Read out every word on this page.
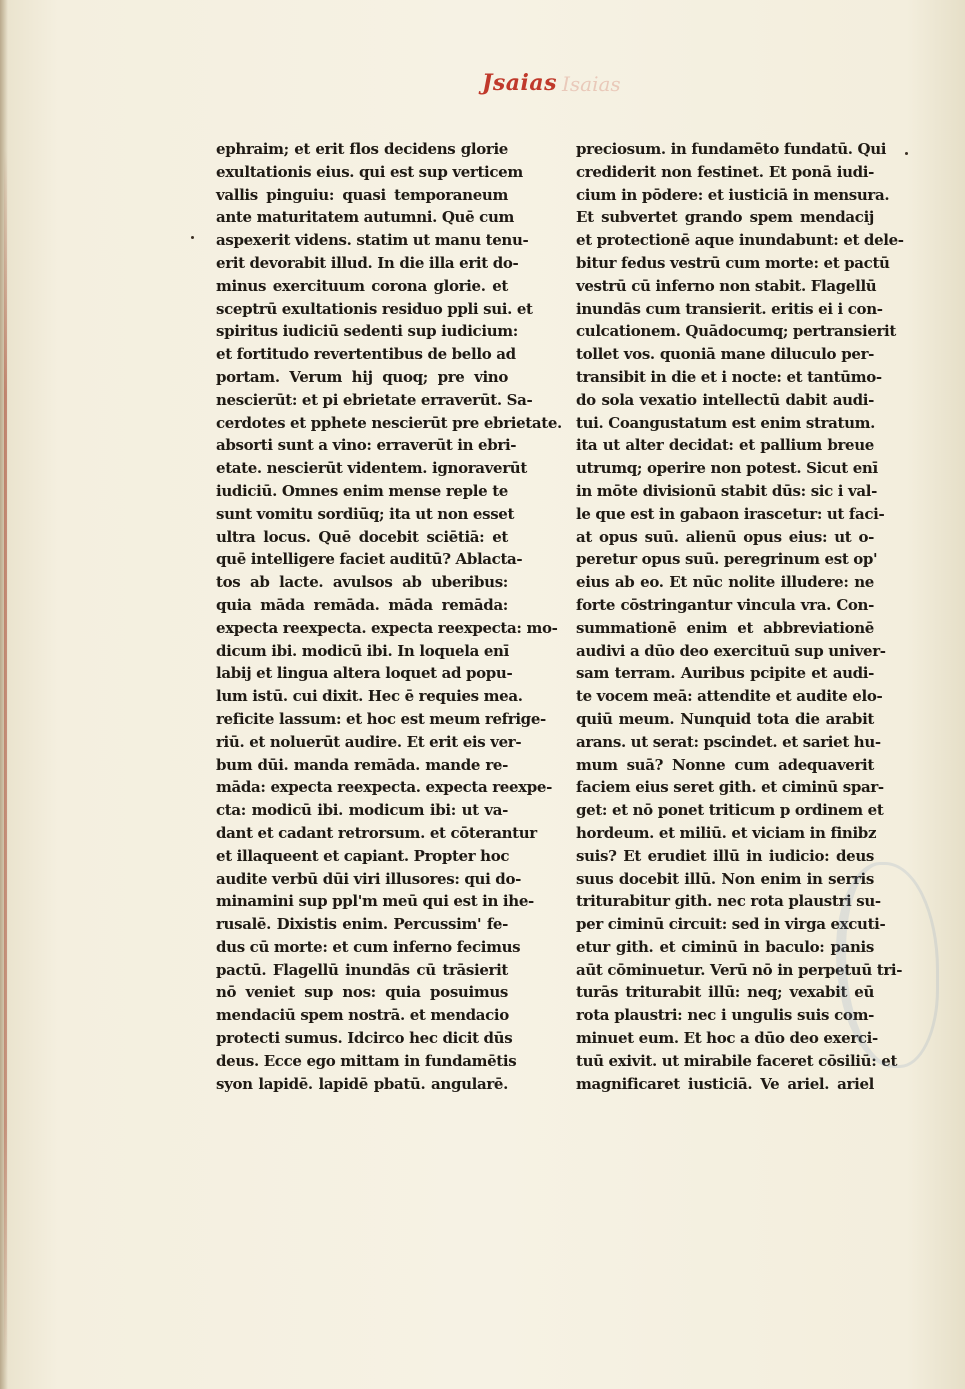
Jsaias Isaias
ephraim; et erit flos decidens glorie
exultationis eius. qui est sup verticem
vallis pinguiu: quasi temporaneum
ante maturitatem autumni. Quē cum
aspexerit videns. statim ut manu tenu-
erit devorabit illud. In die illa erit do-
minus exercituum corona glorie. et
sceptrū exultationis residuo ppli sui. et
spiritus iudiciū sedenti sup iudicium:
et fortitudo revertentibus de bello ad
portam. Verum hij quoq; pre vino
nescierūt: et pi ebrietate erraverūt. Sa-
cerdotes et pphete nescierūt pre ebrietate.
absorti sunt a vino: erraverūt in ebri-
etate. nescierūt videntem. ignoraverūt
iudiciū. Omnes enim mense reple te
sunt vomitu sordiūq; ita ut non esset
ultra locus. Quē docebit sciētiā: et
quē intelligere faciet auditū? Ablacta-
tos ab lacte. avulsos ab uberibus:
quia māda remāda. māda remāda:
expecta reexpecta. expecta reexpecta: mo-
dicum ibi. modicū ibi. In loquela enī
labij et lingua altera loquet ad popu-
lum istū. cui dixit. Hec ē requies mea.
reficite lassum: et hoc est meum refrige-
riū. et noluerūt audire. Et erit eis ver-
bum dūi. manda remāda. mande re-
māda: expecta reexpecta. expecta reexpe-
cta: modicū ibi. modicum ibi: ut va-
dant et cadant retrorsum. et cōterantur
et illaqueent et capiant. Propter hoc
audite verbū dūi viri illusores: qui do-
minamini sup ppl'm meū qui est in ihe-
rusalē. Dixistis enim. Percussim' fe-
dus cū morte: et cum inferno fecimus
pactū. Flagellū inundās cū trāsierit
nō veniet sup nos: quia posuimus
mendaciū spem nostrā. et mendacio
protecti sumus. Idcirco hec dicit dūs
deus. Ecce ego mittam in fundamētis
syon lapidē. lapidē pbatū. angularē.
preciosum. in fundamēto fundatū. Qui
crediderit non festinet. Et ponā iudi-
cium in pōdere: et iusticiā in mensura.
Et subvertet grando spem mendacij
et protectionē aque inundabunt: et dele-
bitur fedus vestrū cum morte: et pactū
vestrū cū inferno non stabit. Flagellū
inundās cum transierit. eritis ei i con-
culcationem. Quādocumq; pertransierit
tollet vos. quoniā mane diluculo per-
transibit in die et i nocte: et tantūmo-
do sola vexatio intellectū dabit audi-
tui. Coangustatum est enim stratum.
ita ut alter decidat: et pallium breue
utrumq; operire non potest. Sicut enī
in mōte divisionū stabit dūs: sic i val-
le que est in gabaon irascetur: ut faci-
at opus suū. alienū opus eius: ut o-
peretur opus suū. peregrinum est op'
eius ab eo. Et nūc nolite illudere: ne
forte cōstringantur vincula vra. Con-
summationē enim et abbreviationē
audivi a dūo deo exercituū sup univer-
sam terram. Auribus pcipite et audi-
te vocem meā: attendite et audite elo-
quiū meum. Nunquid tota die arabit
arans. ut serat: pscindet. et sariet hu-
mum suā? Nonne cum adequaverit
faciem eius seret gith. et ciminū spar-
get: et nō ponet triticum p ordinem et
hordeum. et miliū. et viciam in finibz
suis? Et erudiet illū in iudicio: deus
suus docebit illū. Non enim in serris
triturabitur gith. nec rota plaustri su-
per ciminū circuit: sed in virga excuti-
etur gith. et ciminū in baculo: panis
aūt cōminuetur. Verū nō in perpetuū tri-
turās triturabit illū: neq; vexabit eū
rota plaustri: nec i ungulis suis com-
minuet eum. Et hoc a dūo deo exerci-
tuū exivit. ut mirabile faceret cōsiliū: et
magnificaret iusticiā. Ve ariel. ariel
